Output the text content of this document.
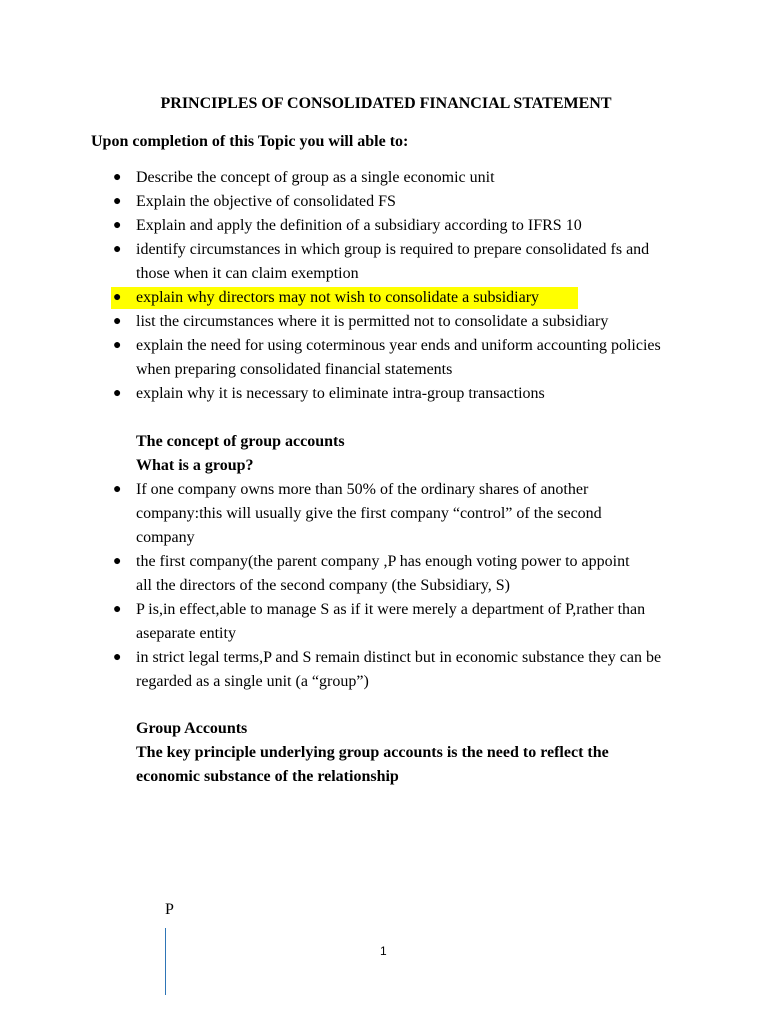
PRINCIPLES OF CONSOLIDATED FINANCIAL STATEMENT
Upon completion of this Topic you will able to:
● Describe the concept of group as a single economic unit
● Explain the objective of consolidated FS
● Explain and apply the definition of a subsidiary according to IFRS 10
● identify circumstances in which group is required to prepare consolidated fs and those when it can claim exemption
● explain why directors may not wish to consolidate a subsidiary
● list the circumstances where it is permitted not to consolidate a subsidiary
● explain the need for using coterminous year ends and uniform accounting policies when preparing consolidated financial statements
● explain why it is necessary to eliminate intra-group transactions
The concept of group accounts
What is a group?
● If one company owns more than 50% of the ordinary shares of another company:this will usually give the first company “control” of the second company
● the first company(the parent company ,P has enough voting power to appoint all the directors of the second company (the Subsidiary, S)
● P is,in effect,able to manage S as if it were merely a department of P,rather than aseparate entity
● in strict legal terms,P and S remain distinct but in economic substance they can be regarded as a single unit (a “group”)
Group Accounts
The key principle underlying group accounts is the need to reflect the economic substance of the relationship
P
1
